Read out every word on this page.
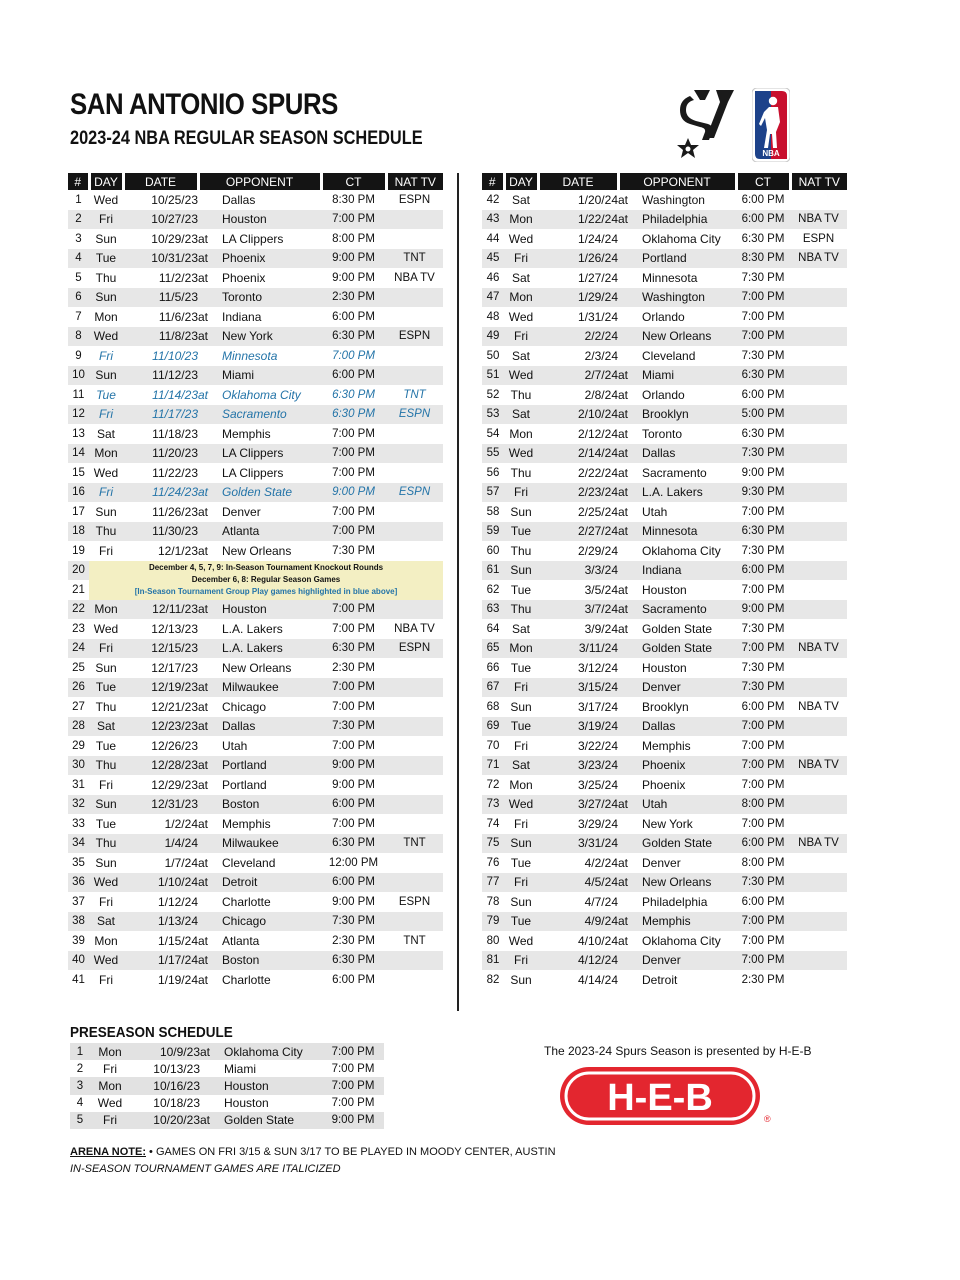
SAN ANTONIO SPURS
2023-24 NBA REGULAR SEASON SCHEDULE
NBA
#	DAY	DATE	OPPONENT	CT	NAT TV
1	Wed	10/25/23	Dallas	8:30 PM	ESPN
2	Fri	10/27/23	Houston	7:00 PM	
3	Sun	10/29/23	at LA Clippers	8:00 PM	
4	Tue	10/31/23	at Phoenix	9:00 PM	TNT
5	Thu	11/2/23	at Phoenix	9:00 PM	NBA TV
6	Sun	11/5/23	Toronto	2:30 PM	
7	Mon	11/6/23	at Indiana	6:00 PM	
8	Wed	11/8/23	at New York	6:30 PM	ESPN
9	Fri	11/10/23	Minnesota	7:00 PM	
10	Sun	11/12/23	Miami	6:00 PM	
11	Tue	11/14/23	at Oklahoma City	6:30 PM	TNT
12	Fri	11/17/23	Sacramento	6:30 PM	ESPN
13	Sat	11/18/23	Memphis	7:00 PM	
14	Mon	11/20/23	LA Clippers	7:00 PM	
15	Wed	11/22/23	LA Clippers	7:00 PM	
16	Fri	11/24/23	at Golden State	9:00 PM	ESPN
17	Sun	11/26/23	at Denver	7:00 PM	
18	Thu	11/30/23	Atlanta	7:00 PM	
19	Fri	12/1/23	at New Orleans	7:30 PM	
20	December 4, 5, 7, 9: In-Season Tournament Knockout Rounds
December 6, 8: Regular Season Games
[In-Season Tournament Group Play games highlighted in blue above]				

21					
22	Mon	12/11/23	at Houston	7:00 PM	
23	Wed	12/13/23	L.A. Lakers	7:00 PM	NBA TV
24	Fri	12/15/23	L.A. Lakers	6:30 PM	ESPN
25	Sun	12/17/23	New Orleans	2:30 PM	
26	Tue	12/19/23	at Milwaukee	7:00 PM	
27	Thu	12/21/23	at Chicago	7:00 PM	
28	Sat	12/23/23	at Dallas	7:30 PM	
29	Tue	12/26/23	Utah	7:00 PM	
30	Thu	12/28/23	at Portland	9:00 PM	
31	Fri	12/29/23	at Portland	9:00 PM	
32	Sun	12/31/23	Boston	6:00 PM	
33	Tue	1/2/24	at Memphis	7:00 PM	
34	Thu	1/4/24	Milwaukee	6:30 PM	TNT
35	Sun	1/7/24	at Cleveland	12:00 PM	
36	Wed	1/10/24	at Detroit	6:00 PM	
37	Fri	1/12/24	Charlotte	9:00 PM	ESPN
38	Sat	1/13/24	Chicago	7:30 PM	
39	Mon	1/15/24	at Atlanta	2:30 PM	TNT
40	Wed	1/17/24	at Boston	6:30 PM	
41	Fri	1/19/24	at Charlotte	6:00 PM	
#	DAY	DATE	OPPONENT	CT	NAT TV
42	Sat	1/20/24	at Washington	6:00 PM	
43	Mon	1/22/24	at Philadelphia	6:00 PM	NBA TV
44	Wed	1/24/24	Oklahoma City	6:30 PM	ESPN
45	Fri	1/26/24	Portland	8:30 PM	NBA TV
46	Sat	1/27/24	Minnesota	7:30 PM	
47	Mon	1/29/24	Washington	7:00 PM	
48	Wed	1/31/24	Orlando	7:00 PM	
49	Fri	2/2/24	New Orleans	7:00 PM	
50	Sat	2/3/24	Cleveland	7:30 PM	
51	Wed	2/7/24	at Miami	6:30 PM	
52	Thu	2/8/24	at Orlando	6:00 PM	
53	Sat	2/10/24	at Brooklyn	5:00 PM	
54	Mon	2/12/24	at Toronto	6:30 PM	
55	Wed	2/14/24	at Dallas	7:30 PM	
56	Thu	2/22/24	at Sacramento	9:00 PM	
57	Fri	2/23/24	at L.A. Lakers	9:30 PM	
58	Sun	2/25/24	at Utah	7:00 PM	
59	Tue	2/27/24	at Minnesota	6:30 PM	
60	Thu	2/29/24	Oklahoma City	7:30 PM	
61	Sun	3/3/24	Indiana	6:00 PM	
62	Tue	3/5/24	at Houston	7:00 PM	
63	Thu	3/7/24	at Sacramento	9:00 PM	
64	Sat	3/9/24	at Golden State	7:30 PM	
65	Mon	3/11/24	Golden State	7:00 PM	NBA TV
66	Tue	3/12/24	Houston	7:30 PM	
67	Fri	3/15/24	Denver	7:30 PM	
68	Sun	3/17/24	Brooklyn	6:00 PM	NBA TV
69	Tue	3/19/24	Dallas	7:00 PM	
70	Fri	3/22/24	Memphis	7:00 PM	
71	Sat	3/23/24	Phoenix	7:00 PM	NBA TV
72	Mon	3/25/24	Phoenix	7:00 PM	
73	Wed	3/27/24	at Utah	8:00 PM	
74	Fri	3/29/24	New York	7:00 PM	
75	Sun	3/31/24	Golden State	6:00 PM	NBA TV
76	Tue	4/2/24	at Denver	8:00 PM	
77	Fri	4/5/24	at New Orleans	7:30 PM	
78	Sun	4/7/24	Philadelphia	6:00 PM	
79	Tue	4/9/24	at Memphis	7:00 PM	
80	Wed	4/10/24	at Oklahoma City	7:00 PM	
81	Fri	4/12/24	Denver	7:00 PM	
82	Sun	4/14/24	Detroit	2:30 PM	
PRESEASON SCHEDULE
1	Mon	10/9/23	at Oklahoma City	7:00 PM
2	Fri	10/13/23	Miami	7:00 PM
3	Mon	10/16/23	Houston	7:00 PM
4	Wed	10/18/23	Houston	7:00 PM
5	Fri	10/20/23	at Golden State	9:00 PM
ARENA NOTE: • GAMES ON FRI 3/15 & SUN 3/17 TO BE PLAYED IN MOODY CENTER, AUSTIN
IN-SEASON TOURNAMENT GAMES ARE ITALICIZED
The 2023-24 Spurs Season is presented by H-E-B
H-E-B	®
